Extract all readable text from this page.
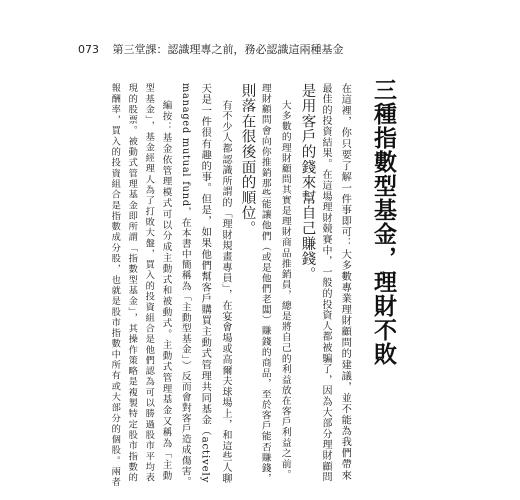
073 第三堂課：認識理專之前，務必認識這兩種基金
三種指數型基金，理財不敗
在這裡，你只要了解一件事即可：大多數專業理財顧問的建議，並不能為我們帶來
最佳的投資結果。在這場理財競賽中，一般的投資人都被騙了，因為大部分理財顧問
是用客戶的錢來幫自己賺錢。
大多數的理財顧問其實是理財商品推銷員，總是將自己的利益放在客戶利益之前。
理財顧問會向你推銷那些能讓他們（或是他們老闆）賺錢的商品，至於客戶能否賺錢，
則落在很後面的順位。
有不少人都認識所謂的「理財規畫專員」，在宴會場或高爾夫球場上，和這些人聊
天是一件很有趣的事。但是，如果他們幫客戶購買主動式管理共同基金（actively
managed mutual fund，在本書中簡稱為「主動型基金」）反而會對客戶造成傷害。
編按：基金依管理模式可以分成主動式和被動式。主動式管理基金又稱為「主動
型基金」，基金經理人為了打敗大盤，買入的投資組合是他們認為可以勝過股市平均表
現的股票。被動式管理基金即所謂「指數型基金」，其操作策略是複製特定股市指數的
報酬率，買入的投資組合是指數成分股，也就是股市指數中所有或大部分的個股。兩者
